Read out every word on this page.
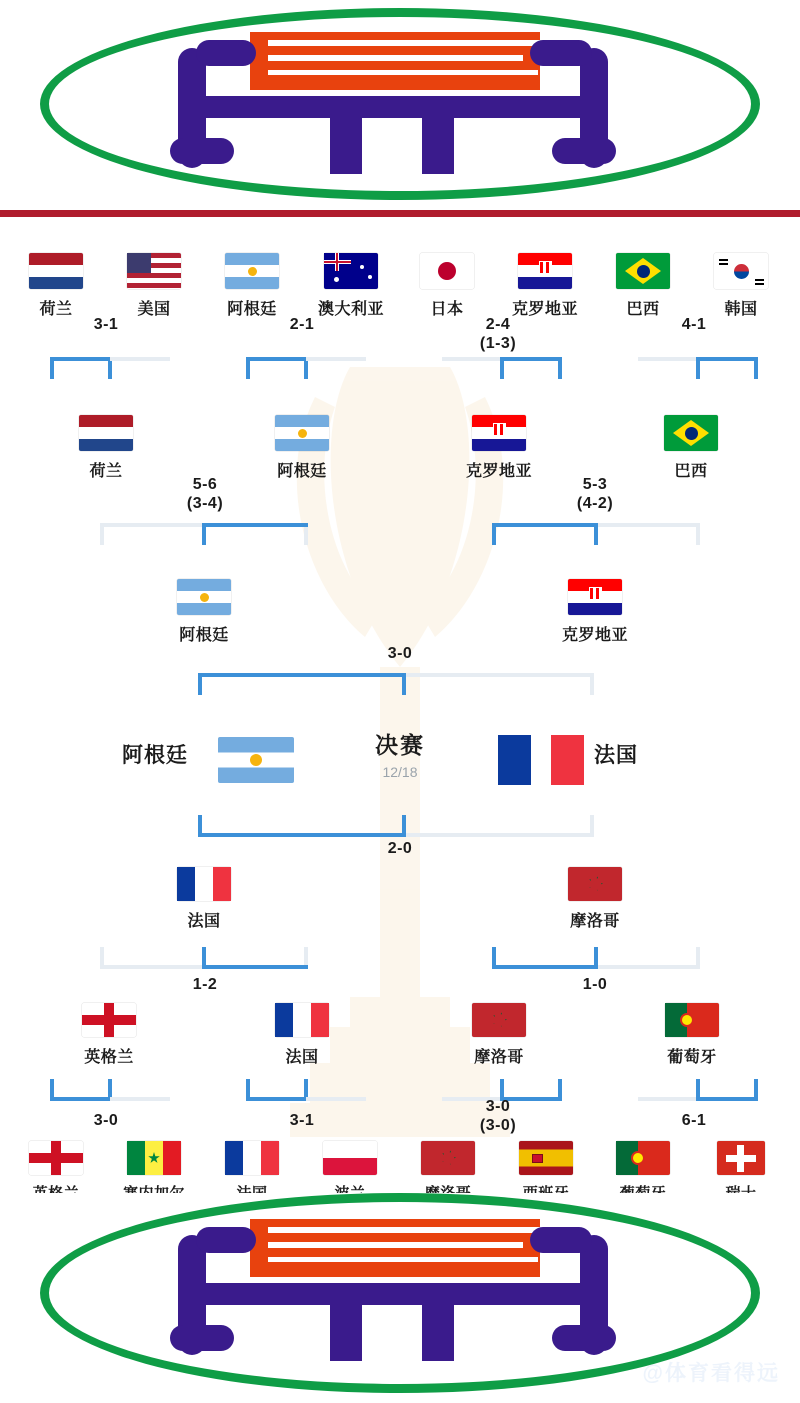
荷兰	美国	阿根廷	澳大利亚	日本	克罗地亚	巴西	韩国
3-1	2-1	2-4
(1-3)
4-1
荷兰	阿根廷	克罗地亚	巴西
5-6
(3-4)
5-3
(4-2)
阿根廷	克罗地亚
3-0
决赛
12/18
阿根廷	法国
2-0
法国	摩洛哥
1-2	1-0
英格兰	法国	摩洛哥	葡萄牙
3-0	3-1
3-0
(3-0)	6-1
@体育看得远
